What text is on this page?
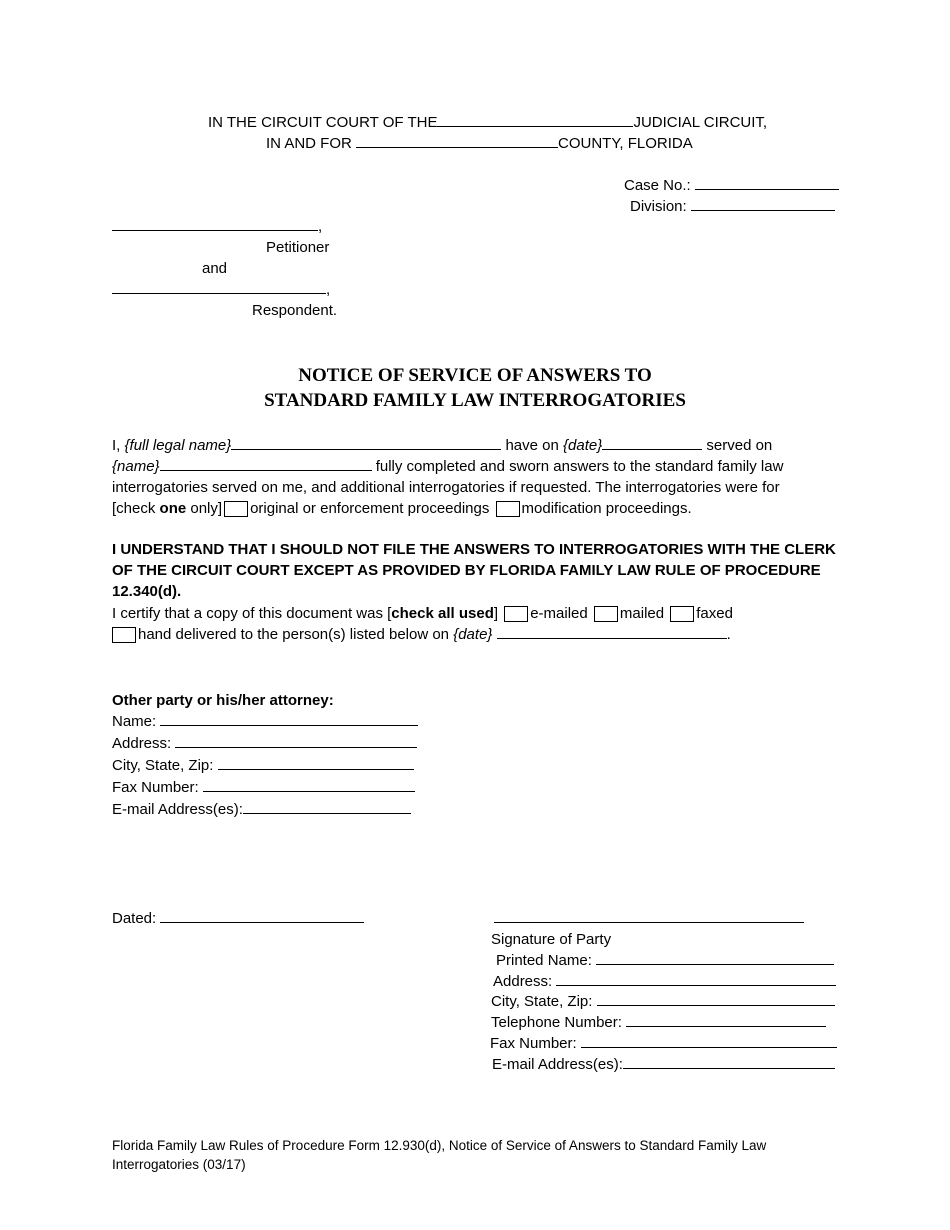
IN THE CIRCUIT COURT OF THE	JUDICIAL CIRCUIT,
IN AND FOR	COUNTY, FLORIDA
Case No.:
Division:
,
Petitioner
and
,
Respondent.
NOTICE OF SERVICE OF ANSWERS TO
STANDARD FAMILY LAW INTERROGATORIES
I, {full legal name}	have on {date}	served on
{name}	fully completed and sworn answers to the standard family law
interrogatories served on me, and additional interrogatories if requested. The interrogatories were for
[check one only] original or enforcement proceedings modification proceedings.
I UNDERSTAND THAT I SHOULD NOT FILE THE ANSWERS TO INTERROGATORIES WITH THE CLERK OF THE CIRCUIT COURT EXCEPT AS PROVIDED BY FLORIDA FAMILY LAW RULE OF PROCEDURE 12.340(d).
I certify that a copy of this document was [check all used] e-mailed mailed faxed
hand delivered to the person(s) listed below on {date}	.
Other party or his/her attorney:
Name:
Address:
City, State, Zip:
Fax Number:
E-mail Address(es):
Dated:
Signature of Party
Printed Name:
Address:
City, State, Zip:
Telephone Number:
Fax Number:
E-mail Address(es):
Florida Family Law Rules of Procedure Form 12.930(d), Notice of Service of Answers to Standard Family Law
Interrogatories (03/17)
